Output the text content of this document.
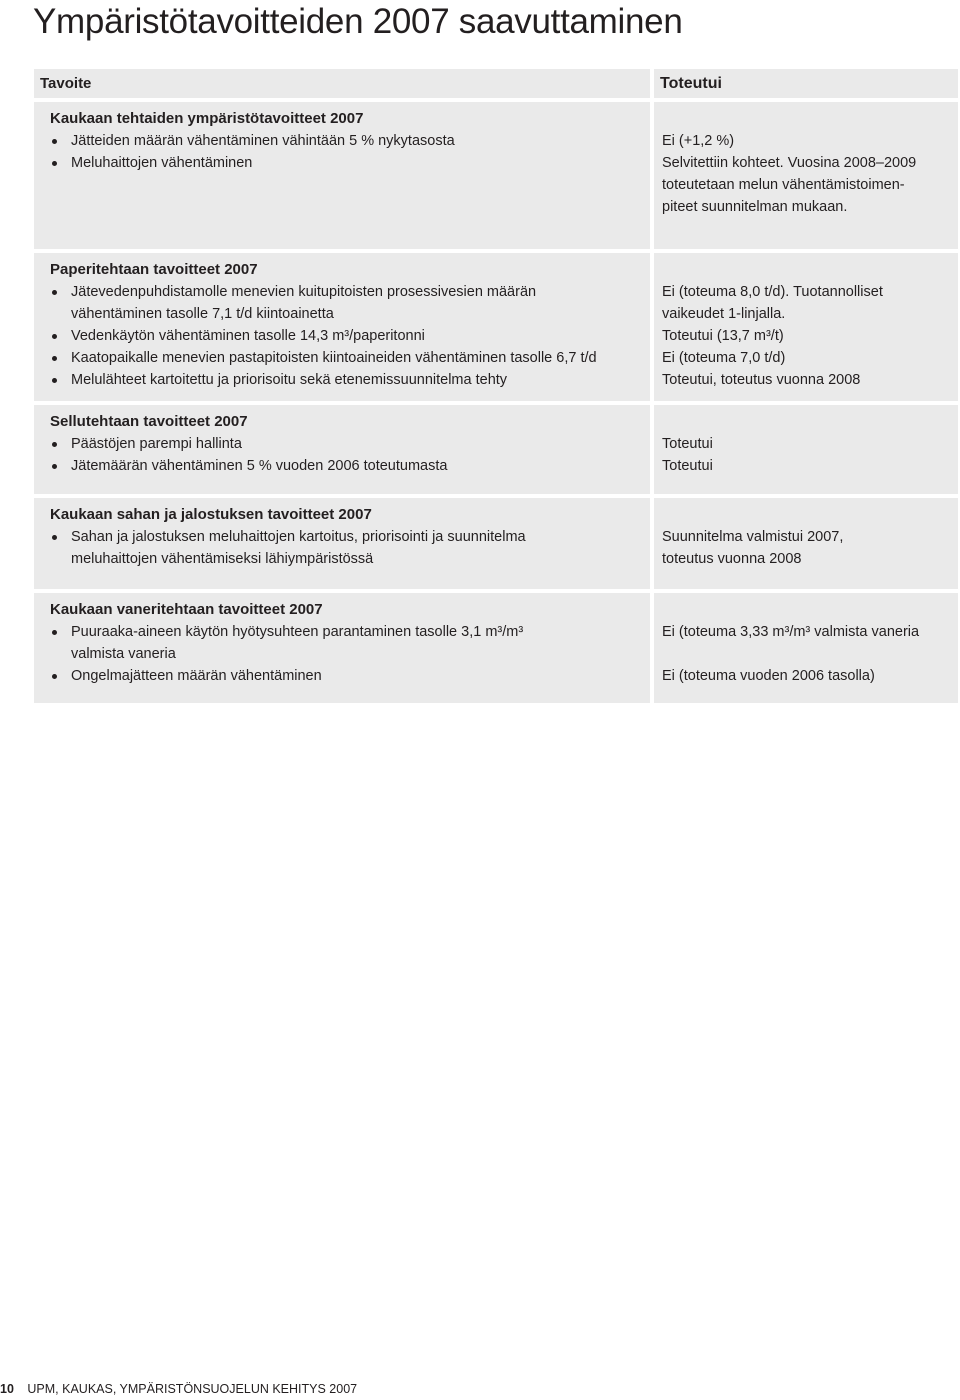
Ympäristötavoitteiden 2007 saavuttaminen
Tavoite	Toteutui
Kaukaan tehtaiden ympäristötavoitteet 2007
Jätteiden määrän vähentäminen vähintään 5 % nykytasosta
Meluhaittojen vähentäminen
Ei (+1,2 %)
Selvitettiin kohteet. Vuosina 2008–2009
toteutetaan melun vähentämistoimen-
piteet suunnitelman mukaan.
Paperitehtaan tavoitteet 2007
Jätevedenpuhdistamolle menevien kuitupitoisten prosessivesien määrän
vähentäminen tasolle 7,1 t/d kiintoainetta
Vedenkäytön vähentäminen tasolle 14,3 m³/paperitonni
Kaatopaikalle menevien pastapitoisten kiintoaineiden vähentäminen tasolle 6,7 t/d
Melulähteet kartoitettu ja priorisoitu sekä etenemissuunnitelma tehty
Ei (toteuma 8,0 t/d). Tuotannolliset
vaikeudet 1-linjalla.
Toteutui (13,7 m³/t)
Ei (toteuma 7,0 t/d)
Toteutui, toteutus vuonna 2008
Sellutehtaan tavoitteet 2007
Päästöjen parempi hallinta
Jätemäärän vähentäminen 5 % vuoden 2006 toteutumasta
Toteutui
Toteutui
Kaukaan sahan ja jalostuksen tavoitteet 2007
Sahan ja jalostuksen meluhaittojen kartoitus, priorisointi ja suunnitelma
meluhaittojen vähentämiseksi lähiympäristössä
Suunnitelma valmistui 2007,
toteutus vuonna 2008
Kaukaan vaneritehtaan tavoitteet 2007
Puuraaka-aineen käytön hyötysuhteen parantaminen tasolle 3,1 m³/m³
valmista vaneria
Ongelmajätteen määrän vähentäminen
Ei (toteuma 3,33 m³/m³ valmista vaneria
Ei (toteuma vuoden 2006 tasolla)
10 UPM, KAUKAS, YMPÄRISTÖNSUOJELUN KEHITYS 2007
